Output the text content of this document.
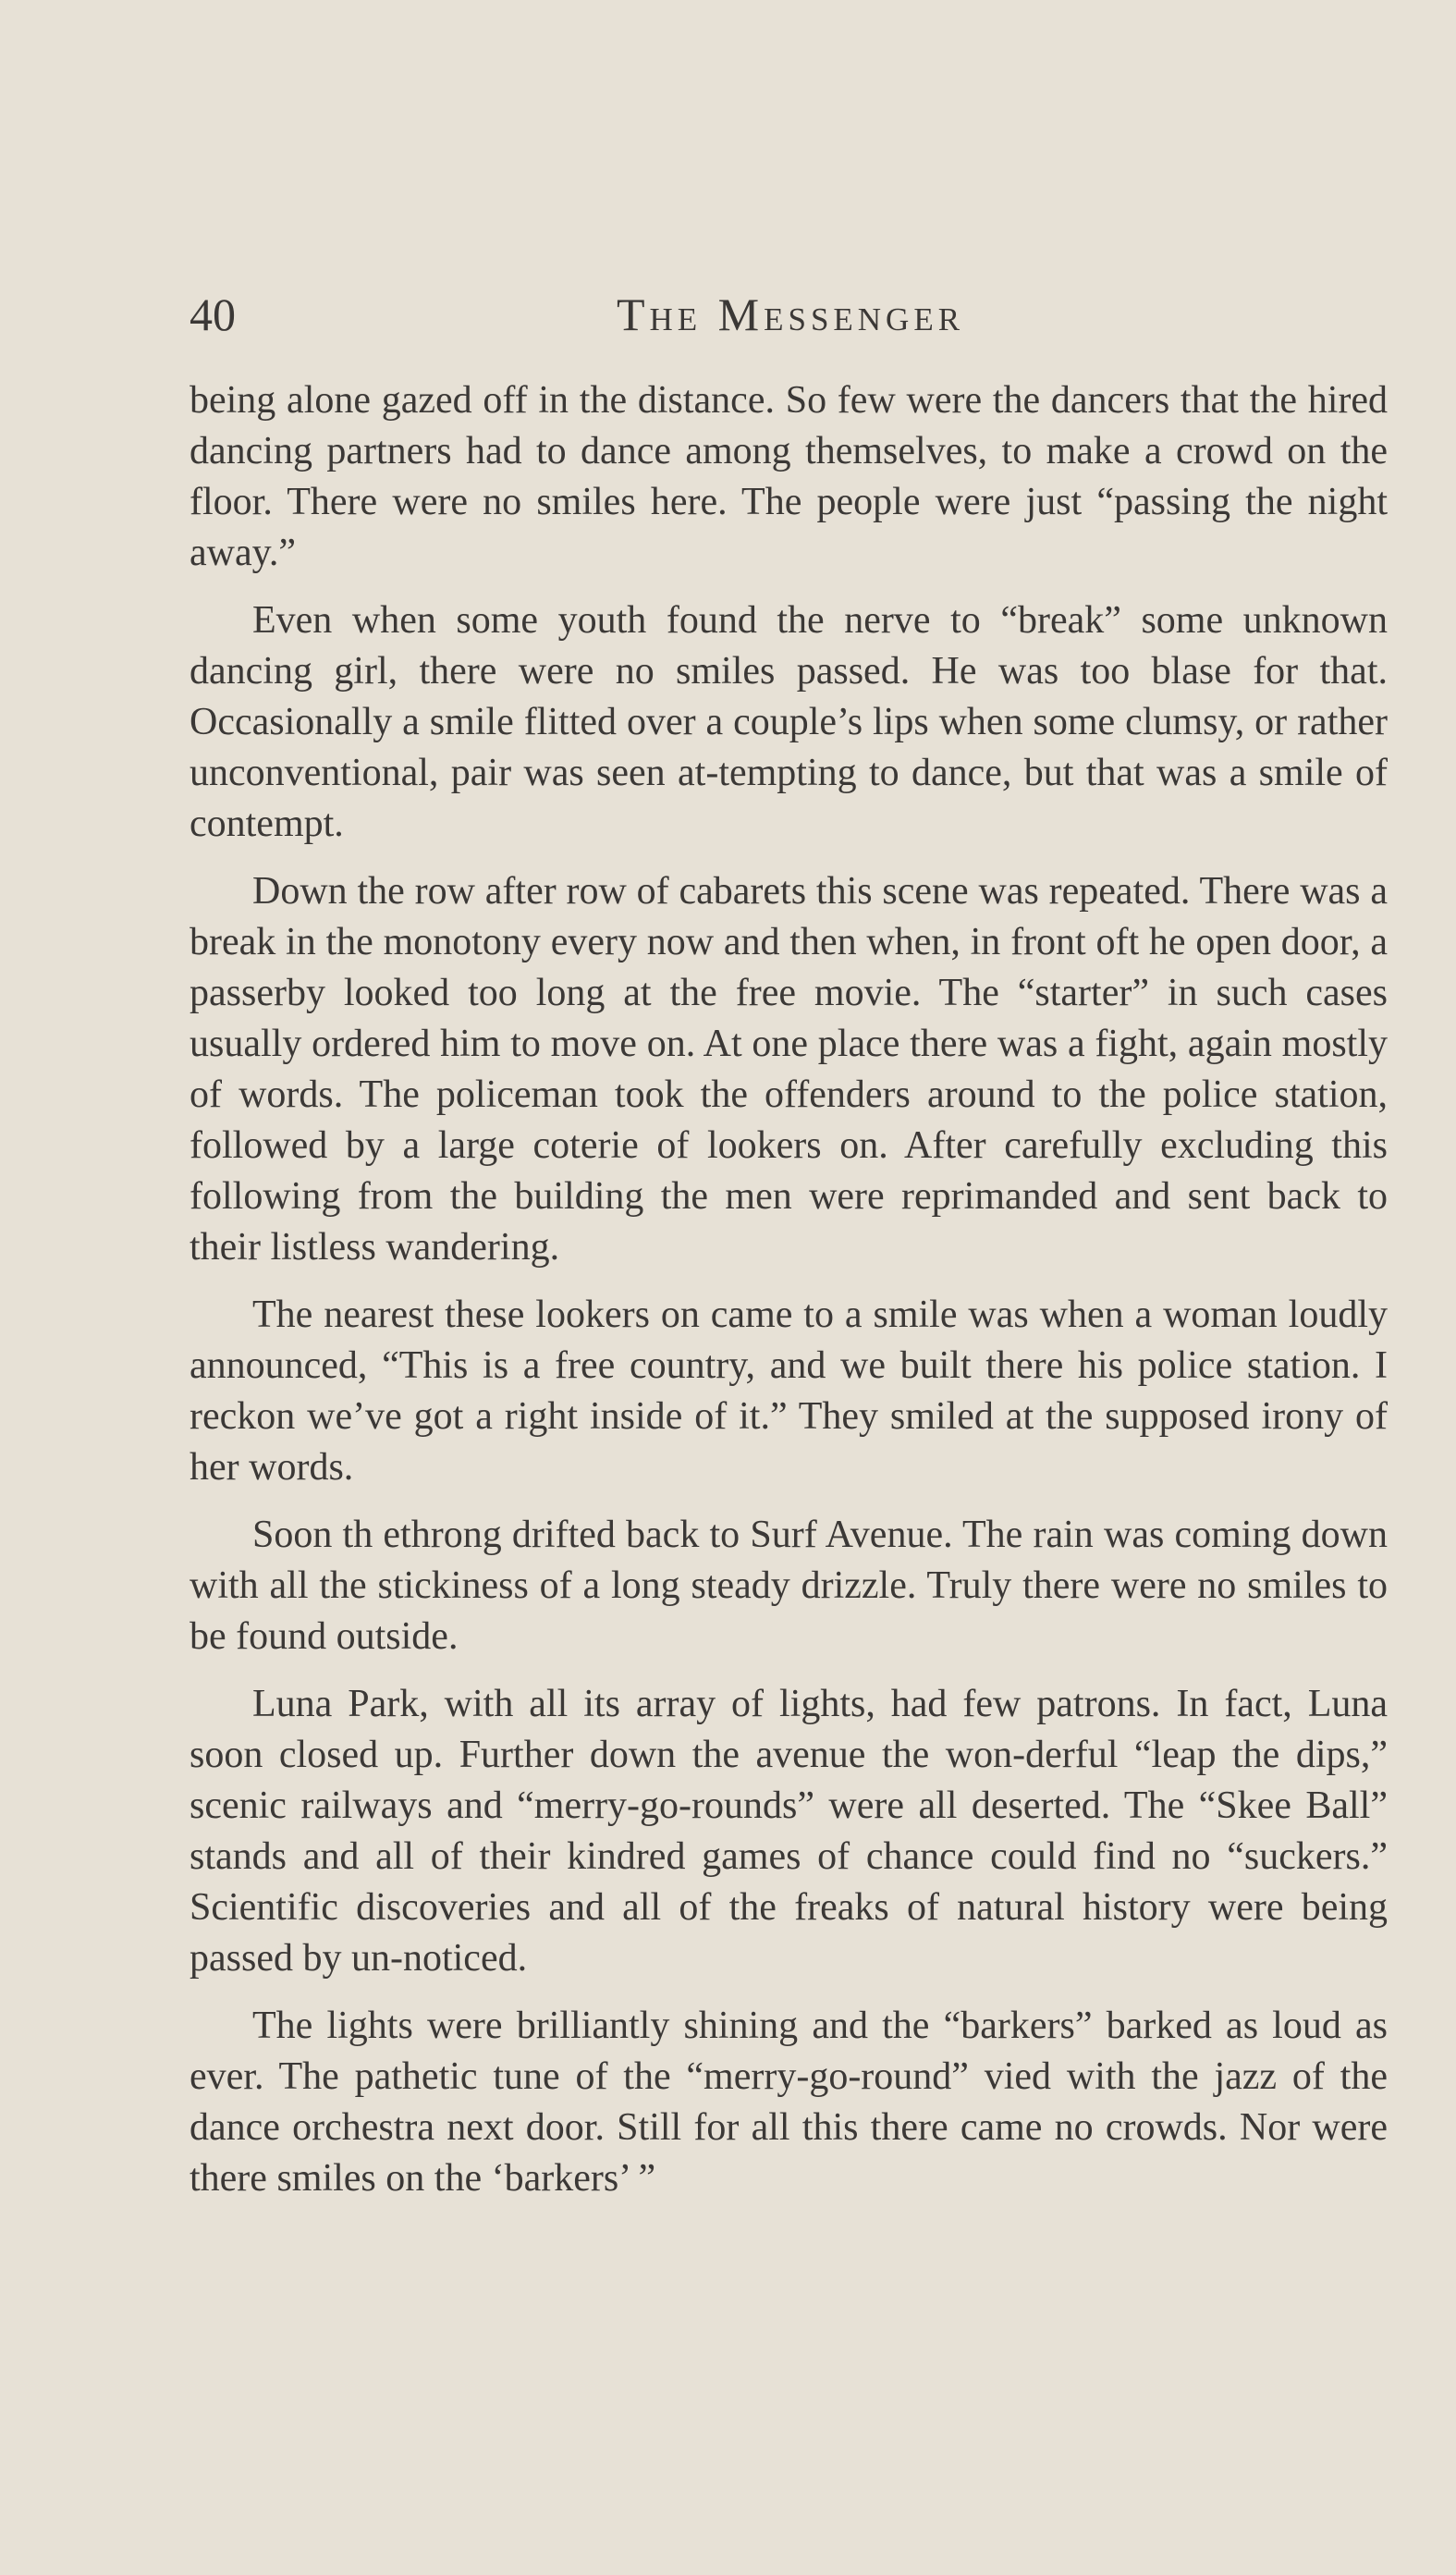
40	The Messenger

being alone gazed off in the distance. So few were the dancers that the hired dancing partners had to dance among themselves, to make a crowd on the floor. There were no smiles here. The people were just “passing the night away.”

Even when some youth found the nerve to “break” some unknown dancing girl, there were no smiles passed. He was too blase for that. Occasionally a smile flitted over a couple’s lips when some clumsy, or rather unconventional, pair was seen at-tempting to dance, but that was a smile of contempt.

Down the row after row of cabarets this scene was repeated. There was a break in the monotony every now and then when, in front oft he open door, a passerby looked too long at the free movie. The “starter” in such cases usually ordered him to move on. At one place there was a fight, again mostly of words. The policeman took the offenders around to the police station, followed by a large coterie of lookers on. After carefully excluding this following from the building the men were reprimanded and sent back to their listless wandering.

The nearest these lookers on came to a smile was when a woman loudly announced, “This is a free country, and we built there his police station. I reckon we’ve got a right inside of it.” They smiled at the supposed irony of her words.

Soon th ethrong drifted back to Surf Avenue. The rain was coming down with all the stickiness of a long steady drizzle. Truly there were no smiles to be found outside.

Luna Park, with all its array of lights, had few patrons. In fact, Luna soon closed up. Further down the avenue the won-derful “leap the dips,” scenic railways and “merry-go-rounds” were all deserted. The “Skee Ball” stands and all of their kindred games of chance could find no “suckers.” Scientific discoveries and all of the freaks of natural history were being passed by un-noticed.

The lights were brilliantly shining and the “barkers” barked as loud as ever. The pathetic tune of the “merry-go-round” vied with the jazz of the dance orchestra next door. Still for all this there came no crowds. Nor were there smiles on the ‘barkers’ ”
